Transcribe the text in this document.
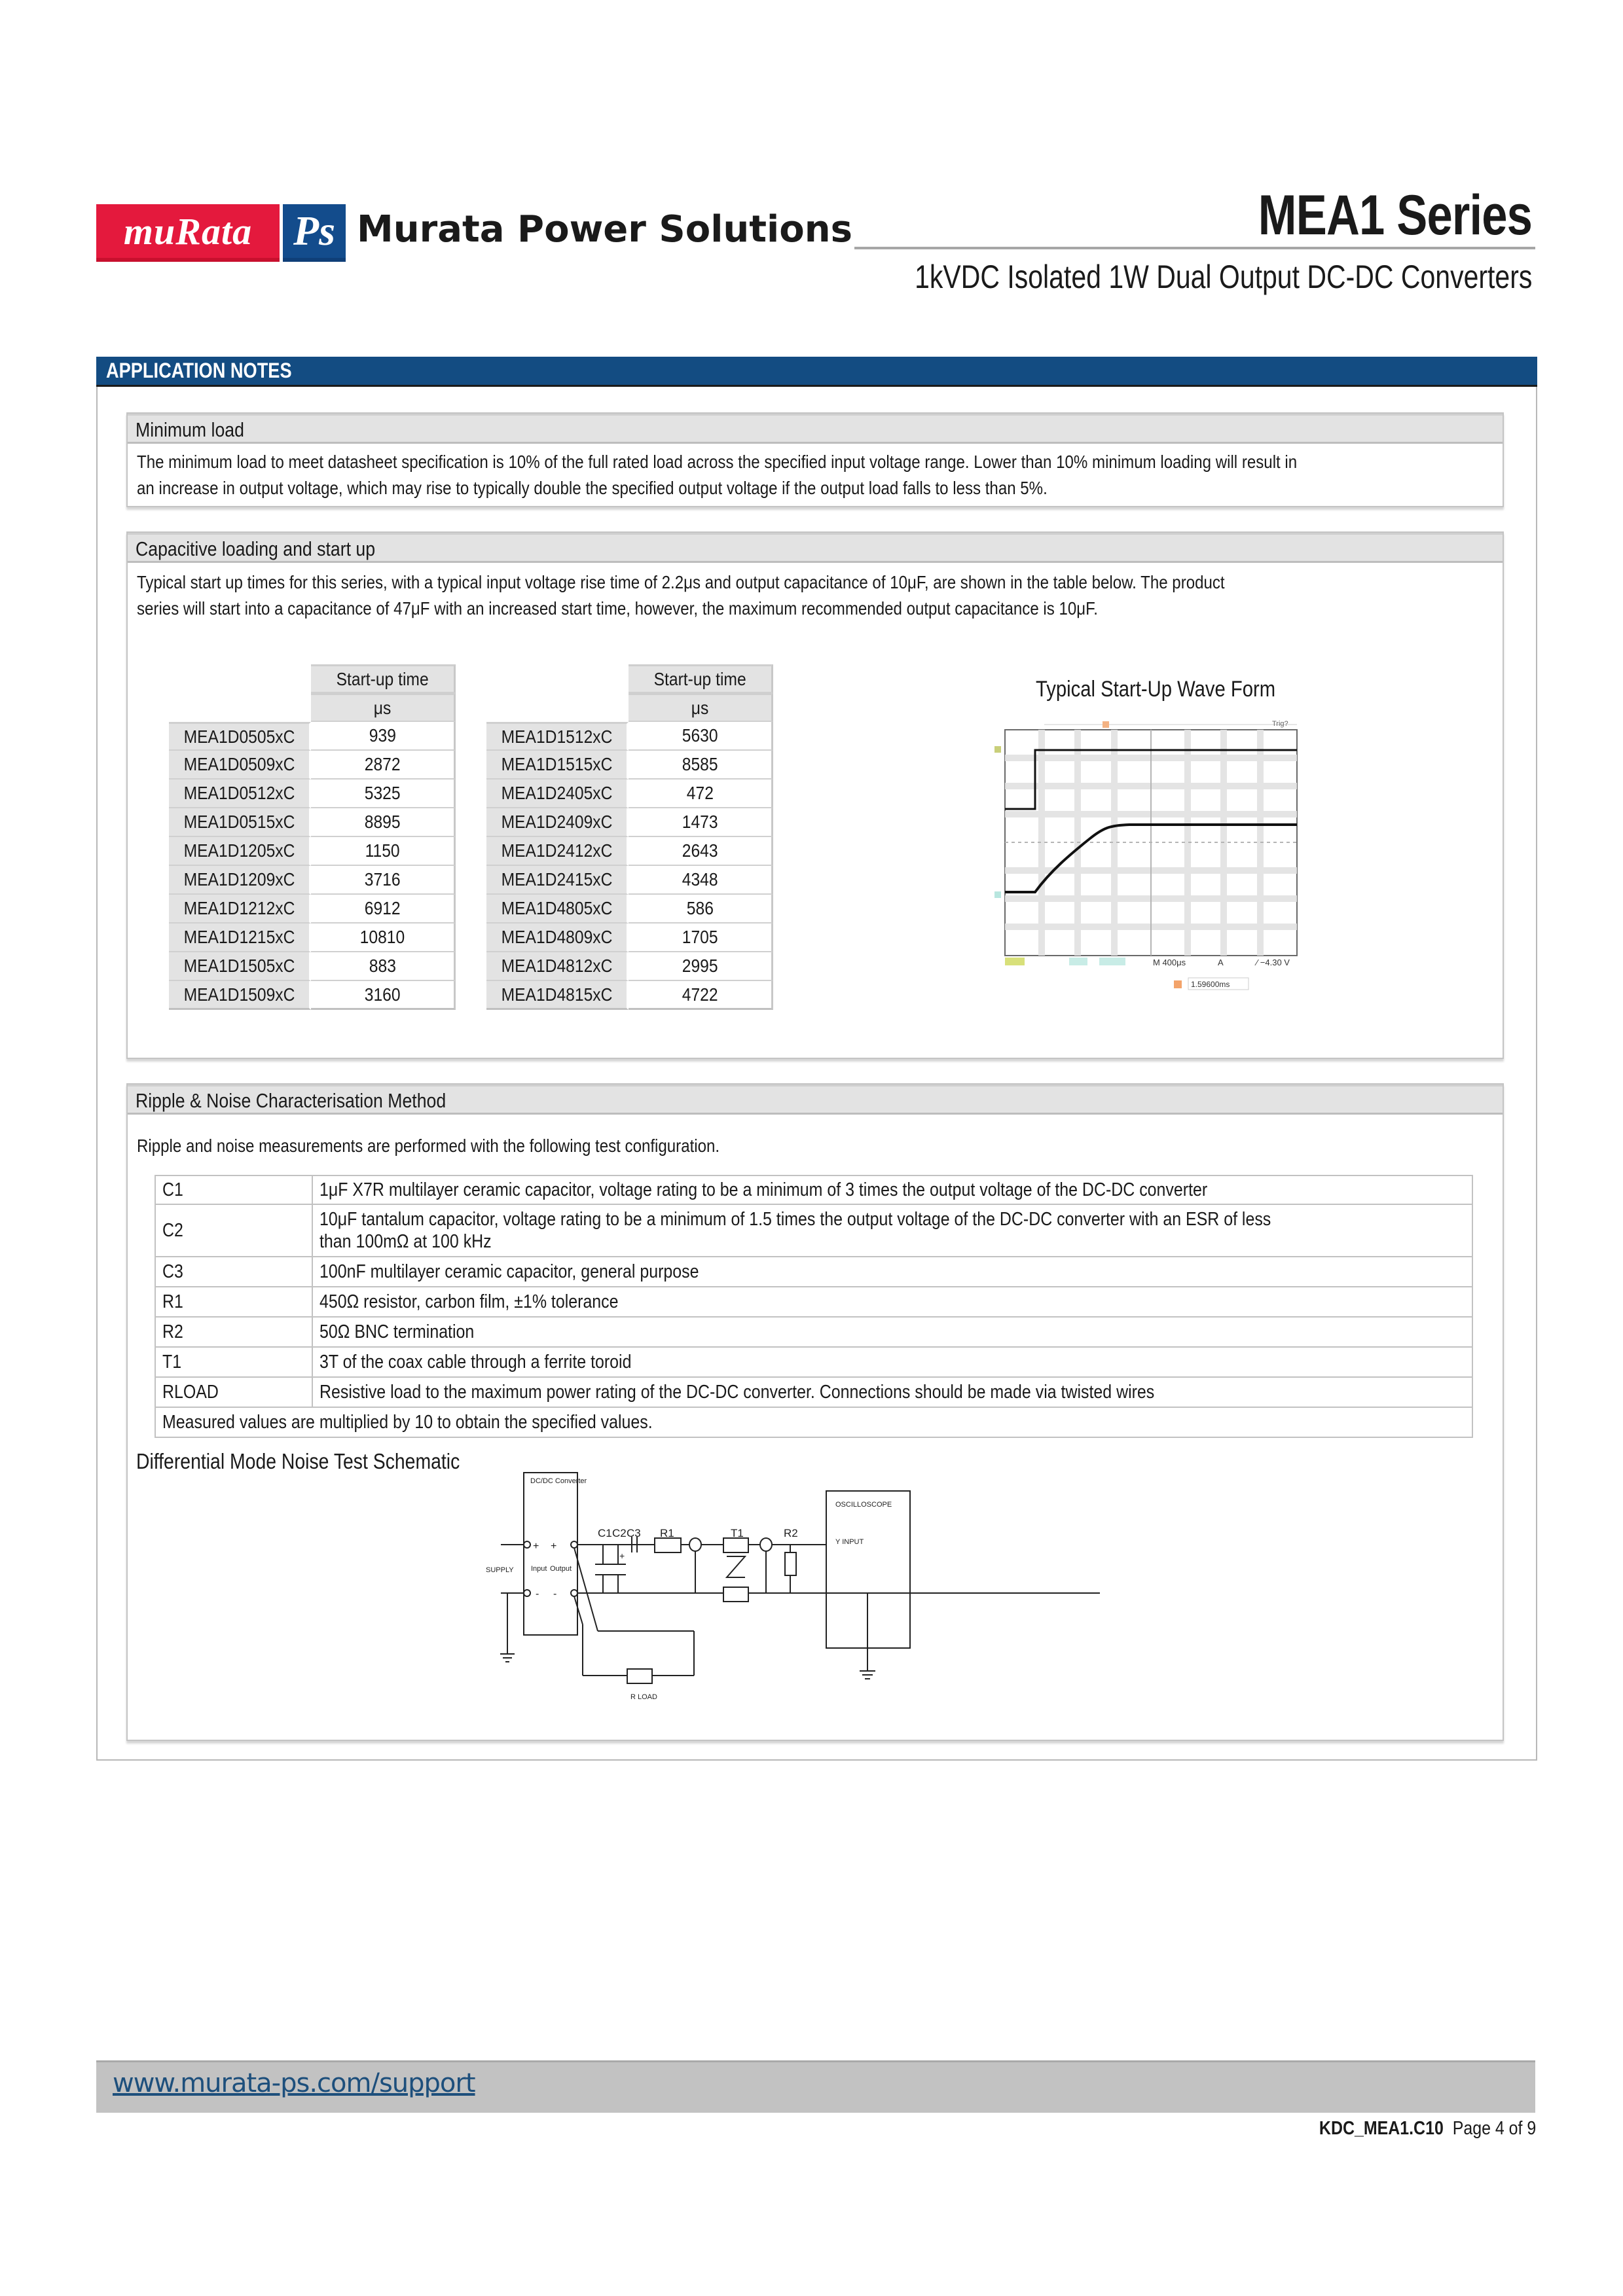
muRata Ps Murata Power Solutions	MEA1 Series
1kVDC Isolated 1W Dual Output DC-DC Converters
APPLICATION NOTES
Minimum load
The minimum load to meet datasheet specification is 10% of the full rated load across the specified input voltage range. Lower than 10% minimum loading will result in
an increase in output voltage, which may rise to typically double the specified output voltage if the output load falls to less than 5%.
Capacitive loading and start up
Typical start up times for this series, with a typical input voltage rise time of 2.2μs and output capacitance of 10μF, are shown in the table below. The product
series will start into a capacitance of 47μF with an increased start time, however, the maximum recommended output capacitance is 10μF.
	Start-up time
	μs
MEA1D0505xC	939
MEA1D0509xC	2872
MEA1D0512xC	5325
MEA1D0515xC	8895
MEA1D1205xC	1150
MEA1D1209xC	3716
MEA1D1212xC	6912
MEA1D1215xC	10810
MEA1D1505xC	883
MEA1D1509xC	3160
	Start-up time
	μs
MEA1D1512xC	5630
MEA1D1515xC	8585
MEA1D2405xC	472
MEA1D2409xC	1473
MEA1D2412xC	2643
MEA1D2415xC	4348
MEA1D4805xC	586
MEA1D4809xC	1705
MEA1D4812xC	2995
MEA1D4815xC	4722
Typical Start-Up Wave Form
Trig?
M 400μs	A	∕ −4.30 V
1.59600ms
Ripple & Noise Characterisation Method
Ripple and noise measurements are performed with the following test configuration.
C1	1μF X7R multilayer ceramic capacitor, voltage rating to be a minimum of 3 times the output voltage of the DC-DC converter
C2	10μF tantalum capacitor, voltage rating to be a minimum of 1.5 times the output voltage of the DC-DC converter with an ESR of less
than 100mΩ at 100 kHz
C3	100nF multilayer ceramic capacitor, general purpose
R1	450Ω resistor, carbon film, ±1% tolerance
R2	50Ω BNC termination
T1	3T of the coax cable through a ferrite toroid
RLOAD	Resistive load to the maximum power rating of the DC-DC converter. Connections should be made via twisted wires
Measured values are multiplied by 10 to obtain the specified values.	
Differential Mode Noise Test Schematic
DC/DC Converter
SUPPLY
+ +
- -
Input Output
+
C1 C2 C3 R1	T1	R2
OSCILLOSCOPE
Y INPUT
R LOAD
www.murata-ps.com/support
KDC_MEA1.C10 Page 4 of 9
